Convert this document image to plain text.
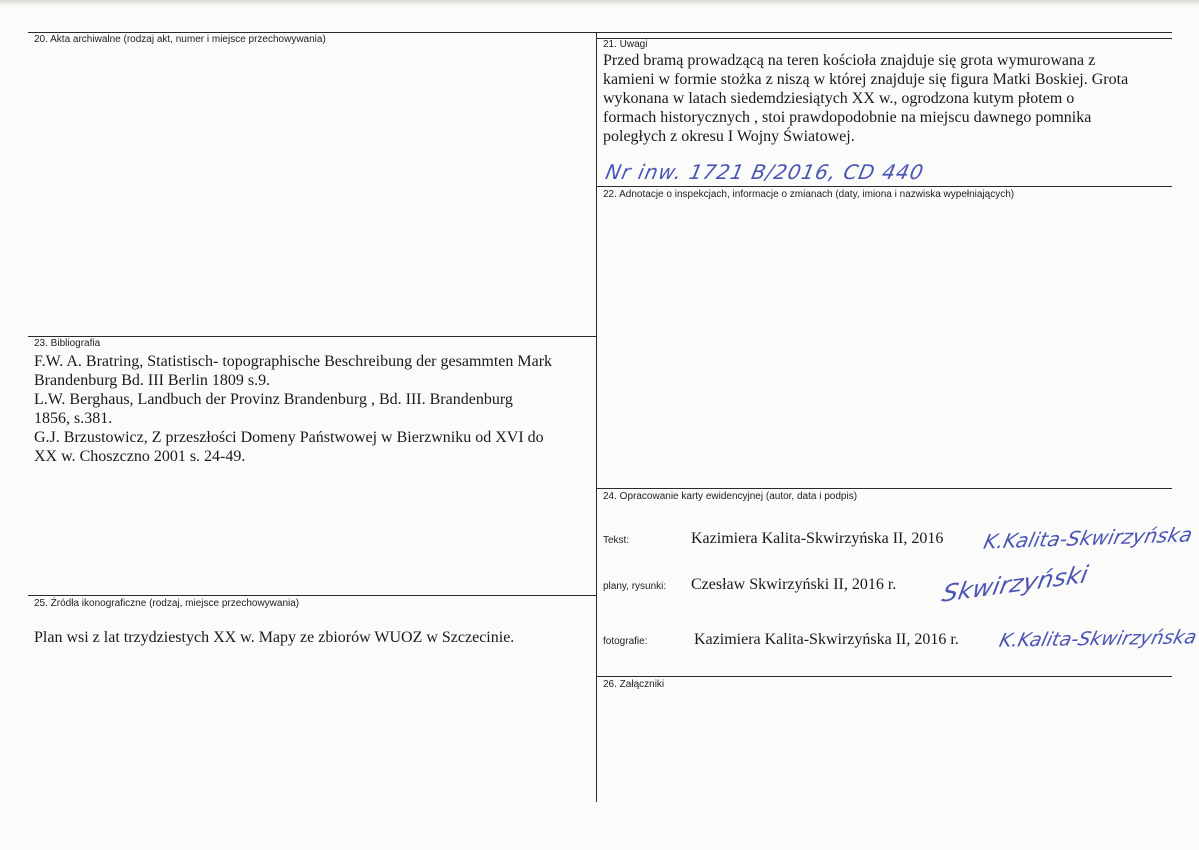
20. Akta archiwalne (rodzaj akt, numer i miejsce przechowywania)	21. Uwagi

Przed bramą prowadzącą na teren kościoła znajduje się grota wymurowana z

kamieni w formie stożka z niszą w której znajduje się figura Matki Boskiej. Grota

wykonana w latach siedemdziesiątych XX w., ogrodzona kutym płotem o

formach historycznych , stoi prawdopodobnie na miejscu dawnego pomnika

poległych z okresu I Wojny Światowej.

Nr inw. 1721 B/2016, CD 440
22. Adnotacje o inspekcjach, informacje o zmianach (daty, imiona i nazwiska wypełniających)
23. Bibliografia

F.W. A. Bratring, Statistisch- topographische Beschreibung der gesammten Mark

Brandenburg Bd. III Berlin 1809 s.9.

L.W. Berghaus, Landbuch der Provinz Brandenburg , Bd. III. Brandenburg

1856, s.381.

G.J. Brzustowicz, Z przeszłości Domeny Państwowej w Bierzwniku od XVI do

XX w. Choszczno 2001 s. 24-49.

24. Opracowanie karty ewidencyjnej (autor, data i podpis)
Tekst:	Kazimiera Kalita-Skwirzyńska II, 2016 K.Kalita-Skwirzyńska
plany, rysunki: Czesław Skwirzyński II, 2016 r. Skwirzyński
fotografie:	Kazimiera Kalita-Skwirzyńska II, 2016 r. K.Kalita-Skwirzyńska
25. Źródła ikonograficzne (rodzaj, miejsce przechowywania)
Plan wsi z lat trzydziestych XX w. Mapy ze zbiorów WUOZ w Szczecinie.
26. Załączniki
